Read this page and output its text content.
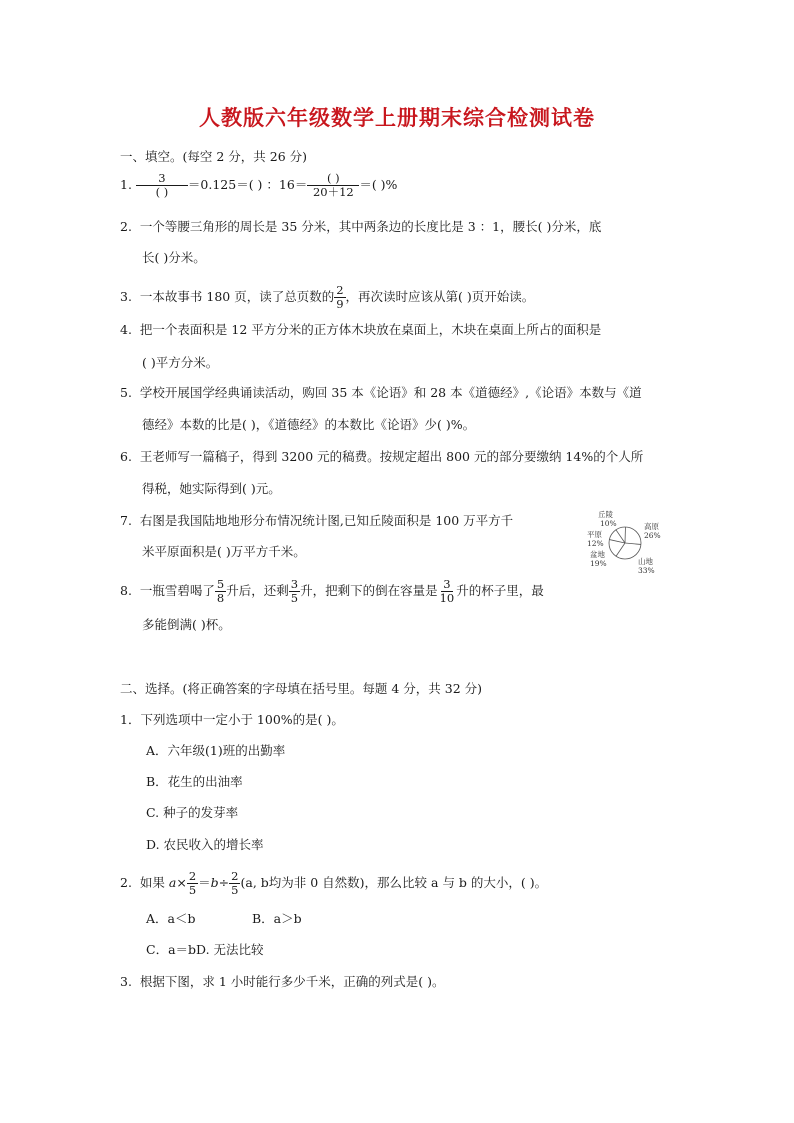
人教版六年级数学上册期末综合检测试卷
一、填空。(每空 2 分，共 26 分)
1. $\frac{3}{( )} =0.125=$( ) ：$16= \frac{( )}{20+12}$ ＝( )%
2. 一个等腰三角形的周长是 35 分米，其中两条边的长度比是 3 ：1，腰长( )分米，底
长( )分米。
3. 一本故事书 180 页，读了总页数的 $\frac{2}{9}$ ，再次读时应该从第( )页开始读。
4. 把一个表面积是 12 平方分米的正方体木块放在桌面上，木块在桌面上所占的面积是
( )平方分米。
5. 学校开展国学经典诵读活动，购回 35 本《论语》和 28 本《道德经》,《论语》本数与《道
德经》本数的比是( )，《道德经》的本数比《论语》少( )%。
6. 王老师写一篇稿子，得到 3200 元的稿费。按规定超出 800 元的部分要缴纳 14%的个人所
得税，她实际得到( )元。
7. 右图是我国陆地地形分布情况统计图,已知丘陵面积是 100 万平方千
米平原面积是( )万平方千米。
丘陵
10%	高原
26%
山地
33%
盆地
19%
平原
12%
8. 一瓶雪碧喝了 $\frac{5}{8}$ 升后，还剩 $\frac{3}{5}$ 升，把剩下的倒在容量是 $\frac{3}{10}$ 升的杯子里，最
多能倒满( )杯。
二、选择。(将正确答案的字母填在括号里。每题 4 分，共 32 分)
1．下列选项中一定小于 100%的是( )。
A．六年级(1)班的出勤率
B．花生的出油率
C. 种子的发芽率
D. 农民收入的增长率
2. 如果 $a\times \frac{2}{5} =b\div \frac{2}{5} (a$, b均为非 0 自然数)，那么比较 a 与 b 的大小，( )。
A．a＜b	B．a＞b
C．a＝bD. 无法比较
3. 根据下图，求 1 小时能行多少千米，正确的列式是( )。
